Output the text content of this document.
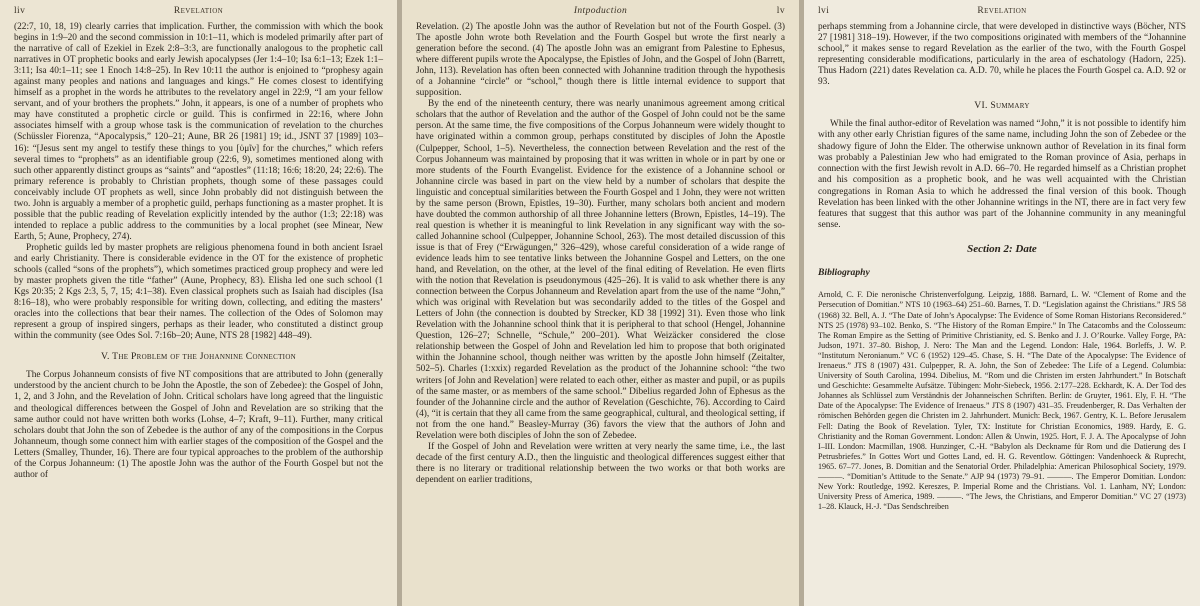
liv	Revelation

(22:7, 10, 18, 19) clearly carries that implication. Further, the commission with which the book begins in 1:9–20 and the second commission in 10:1–11, which is modeled primarily after part of the narrative of call of Ezekiel in Ezek 2:8–3:3, are functionally analogous to the prophetic call narratives in OT prophetic books and early Jewish apocalypses (Jer 1:4–10; Isa 6:1–13; Ezek 1:1–3:11; Isa 40:1–11; see 1 Enoch 14:8–25). In Rev 10:11 the author is enjoined to “prophesy again against many peoples and nations and languages and kings.” He comes closest to identifying himself as a prophet in the words he attributes to the revelatory angel in 22:9, “I am your fellow servant, and of your brothers the prophets.” John, it appears, is one of a number of prophets who may have constituted a prophetic circle or guild. This is confirmed in 22:16, where John associates himself with a group whose task is the communication of revelation to the churches (Schüssler Fiorenza, “Apocalypsis,” 120–21; Aune, BR 26 [1981] 19; id., JSNT 37 [1989] 103–16): “[Jesus sent my angel to testify these things to you [ὑμῖν] for the churches,” which refers several times to “prophets” as an identifiable group (22:6, 9), sometimes mentioned along with such other apparently distinct groups as “saints” and “apostles” (11:18; 16:6; 18:20, 24; 22:6). The primary reference is probably to Christian prophets, though some of these passages could conceivably include OT prophets as well, since John probably did not distinguish between the two. John is arguably a member of a prophetic guild, perhaps functioning as a master prophet. It is possible that the public reading of Revelation explicitly intended by the author (1:3; 22:18) was intended to replace a public address to the communities by a local prophet (see Minear, New Earth, 5; Aune, Prophecy, 274).

Prophetic guilds led by master prophets are religious phenomena found in both ancient Israel and early Christianity. There is considerable evidence in the OT for the existence of prophetic schools (called “sons of the prophets”), which sometimes practiced group prophecy and were led by master prophets given the title “father” (Aune, Prophecy, 83). Elisha led one such school (1 Kgs 20:35; 2 Kgs 2:3, 5, 7, 15; 4:1–38). Even classical prophets such as Isaiah had disciples (Isa 8:16–18), who were probably responsible for writing down, collecting, and editing the masters’ oracles into the collections that bear their names. The collection of the Odes of Solomon may represent a group of inspired singers, perhaps as their leader, who constituted a distinct group within the community (see Odes Sol. 7:16b–20; Aune, NTS 28 [1982] 448–49).

V. The Problem of the Johannine Connection

The Corpus Johanneum consists of five NT compositions that are attributed to John (generally understood by the ancient church to be John the Apostle, the son of Zebedee): the Gospel of John, 1, 2, and 3 John, and the Revelation of John. Critical scholars have long agreed that the linguistic and theological differences between the Gospel of John and Revelation are so striking that the same author could not have written both works (Lohse, 4–7; Kraft, 9–11). Further, many critical scholars doubt that John the son of Zebedee is the author of any of the compositions in the Corpus Johanneum, though some connect him with earlier stages of the composition of the Gospel and the Letters (Smalley, Thunder, 16). There are four typical approaches to the problem of the authorship of the Corpus Johanneum: (1) The apostle John was the author of the Fourth Gospel but not the author of

Intpoduction	lv

Revelation. (2) The apostle John was the author of Revelation but not of the Fourth Gospel. (3) The apostle John wrote both Revelation and the Fourth Gospel but wrote the first nearly a generation before the second. (4) The apostle John was an emigrant from Palestine to Ephesus, where different pupils wrote the Apocalypse, the Epistles of John, and the Gospel of John (Barrett, John, 113). Revelation has often been connected with Johannine tradition through the hypothesis of a Johannine “circle” or “school,” though there is little internal evidence to support that supposition.

By the end of the nineteenth century, there was nearly unanimous agreement among critical scholars that the author of Revelation and the author of the Gospel of John could not be the same person. At the same time, the five compositions of the Corpus Johanneum were widely thought to have originated within a common group, perhaps constituted by disciples of John the Apostle (Culpepper, School, 1–5). Nevertheless, the connection between Revelation and the rest of the Corpus Johanneum was maintained by proposing that it was written in whole or in part by one or more students of the Fourth Evangelist. Evidence for the existence of a Johannine school or Johannine circle was based in part on the view held by a number of scholars that despite the linguistic and conceptual similarities between the Fourth Gospel and 1 John, they were not written by the same person (Brown, Epistles, 19–30). Further, many scholars both ancient and modern have doubted the common authorship of all three Johannine letters (Brown, Epistles, 14–19). The real question is whether it is meaningful to link Revelation in any significant way with the so-called Johannine school (Culpepper, Johannine School, 263). The most detailed discussion of this issue is that of Frey (“Erwägungen,” 326–429), whose careful consideration of a wide range of evidence leads him to see tentative links between the Johannine Gospel and Letters, on the one hand, and Revelation, on the other, at the level of the final editing of Revelation. He even flirts with the notion that Revelation is pseudonymous (425–26). It is valid to ask whether there is any connection between the Corpus Johanneum and Revelation apart from the use of the name “John,” which was original with Revelation but was secondarily added to the titles of the Gospel and Letters of John (the connection is doubted by Strecker, KD 38 [1992] 31). Even those who link Revelation with the Johannine school think that it is peripheral to that school (Hengel, Johannine Question, 126–27; Schnelle, “Schule,” 200–201). What Weizäcker considered the close relationship between the Gospel of John and Revelation led him to propose that both originated within the Johannine school, though neither was written by the apostle John himself (Zeitalter, 502–5). Charles (1:xxix) regarded Revelation as the product of the Johannine school: “the two writers [of John and Revelation] were related to each other, either as master and pupil, or as pupils of the same master, or as members of the same school.” Dibelius regarded John of Ephesus as the founder of the Johannine circle and the author of Revelation (Geschichte, 76). According to Caird (4), “it is certain that they all came from the same geographical, cultural, and theological setting, if not from the one hand.” Beasley-Murray (36) favors the view that the authors of John and Revelation were both disciples of John the son of Zebedee.

If the Gospel of John and Revelation were written at very nearly the same time, i.e., the last decade of the first century A.D., then the linguistic and theological differences suggest either that there is no literary or traditional relationship between the two works or that both works are dependent on earlier traditions,

lvi	Revelation

perhaps stemming from a Johannine circle, that were developed in distinctive ways (Böcher, NTS 27 [1981] 318–19). However, if the two compositions originated with members of the “Johannine school,” it makes sense to regard Revelation as the earlier of the two, with the Fourth Gospel representing considerable modifications, particularly in the area of eschatology (Hadorn, 225). Thus Hadorn (221) dates Revelation ca. A.D. 70, while he places the Fourth Gospel ca. A.D. 92 or 93.

VI. Summary

While the final author-editor of Revelation was named “John,” it is not possible to identify him with any other early Christian figures of the same name, including John the son of Zebedee or the shadowy figure of John the Elder. The otherwise unknown author of Revelation in its final form was probably a Palestinian Jew who had emigrated to the Roman province of Asia, perhaps in connection with the first Jewish revolt in A.D. 66–70. He regarded himself as a Christian prophet and his composition as a prophetic book, and he was well acquainted with the Christian congregations in Roman Asia to which he addressed the final version of this book. Though Revelation has been linked with the other Johannine writings in the NT, there are in fact very few features that suggest that this author was part of the Johannine community in any meaningful sense.

Section 2: Date
Bibliography

Arnold, C. F. Die neronische Christenverfolgung. Leipzig, 1888. Barnard, L. W. “Clement of Rome and the Persecution of Domitian.” NTS 10 (1963–64) 251–60. Barnes, T. D. “Legislation against the Christians.” JRS 58 (1968) 32. Bell, A. J. “The Date of John’s Apocalypse: The Evidence of Some Roman Historians Reconsidered.” NTS 25 (1978) 93–102. Benko, S. “The History of the Roman Empire.” In The Catacombs and the Colosseum: The Roman Empire as the Setting of Primitive Christianity, ed. S. Benko and J. J. O’Rourke. Valley Forge, PA: Judson, 1971. 37–80. Bishop, J. Nero: The Man and the Legend. London: Hale, 1964. Borleffs, J. W. P. “Institutum Neronianum.” VC 6 (1952) 129–45. Chase, S. H. “The Date of the Apocalypse: The Evidence of Irenaeus.” JTS 8 (1907) 431. Culpepper, R. A. John, the Son of Zebedee: The Life of a Legend. Columbia: University of South Carolina, 1994. Dibelius, M. “Rom und die Christen im ersten Jahrhundert.” In Botschaft und Geschichte: Gesammelte Aufsätze. Tübingen: Mohr-Siebeck, 1956. 2:177–228. Eckhardt, K. A. Der Tod des Johannes als Schlüssel zum Verständnis der Johanneischen Schriften. Berlin: de Gruyter, 1961. Ely, F. H. “The Date of the Apocalypse: The Evidence of Irenaeus.” JTS 8 (1907) 431–35. Freudenberger, R. Das Verhalten der römischen Behörden gegen die Christen im 2. Jahrhundert. Munich: Beck, 1967. Gentry, K. L. Before Jerusalem Fell: Dating the Book of Revelation. Tyler, TX: Institute for Christian Economics, 1989. Hardy, E. G. Christianity and the Roman Government. London: Allen & Unwin, 1925. Hort, F. J. A. The Apocalypse of John I–III. London: Macmillan, 1908. Hunzinger, C.-H. “Babylon als Deckname für Rom und die Datierung des I Petrusbriefes.” In Gottes Wort und Gottes Land, ed. H. G. Reventlow. Göttingen: Vandenhoeck & Ruprecht, 1965. 67–77. Jones, B. Domitian and the Senatorial Order. Philadelphia: American Philosophical Society, 1979. ———. “Domitian’s Attitude to the Senate.” AJP 94 (1973) 79–91. ———. The Emperor Domitian. London: New York: Routledge, 1992. Kereszes, P. Imperial Rome and the Christians. Vol. 1. Lanham, NY; London: University Press of America, 1989. ———. “The Jews, the Christians, and Emperor Domitian.” VC 27 (1973) 1–28. Klauck, H.-J. “Das Sendschreiben
